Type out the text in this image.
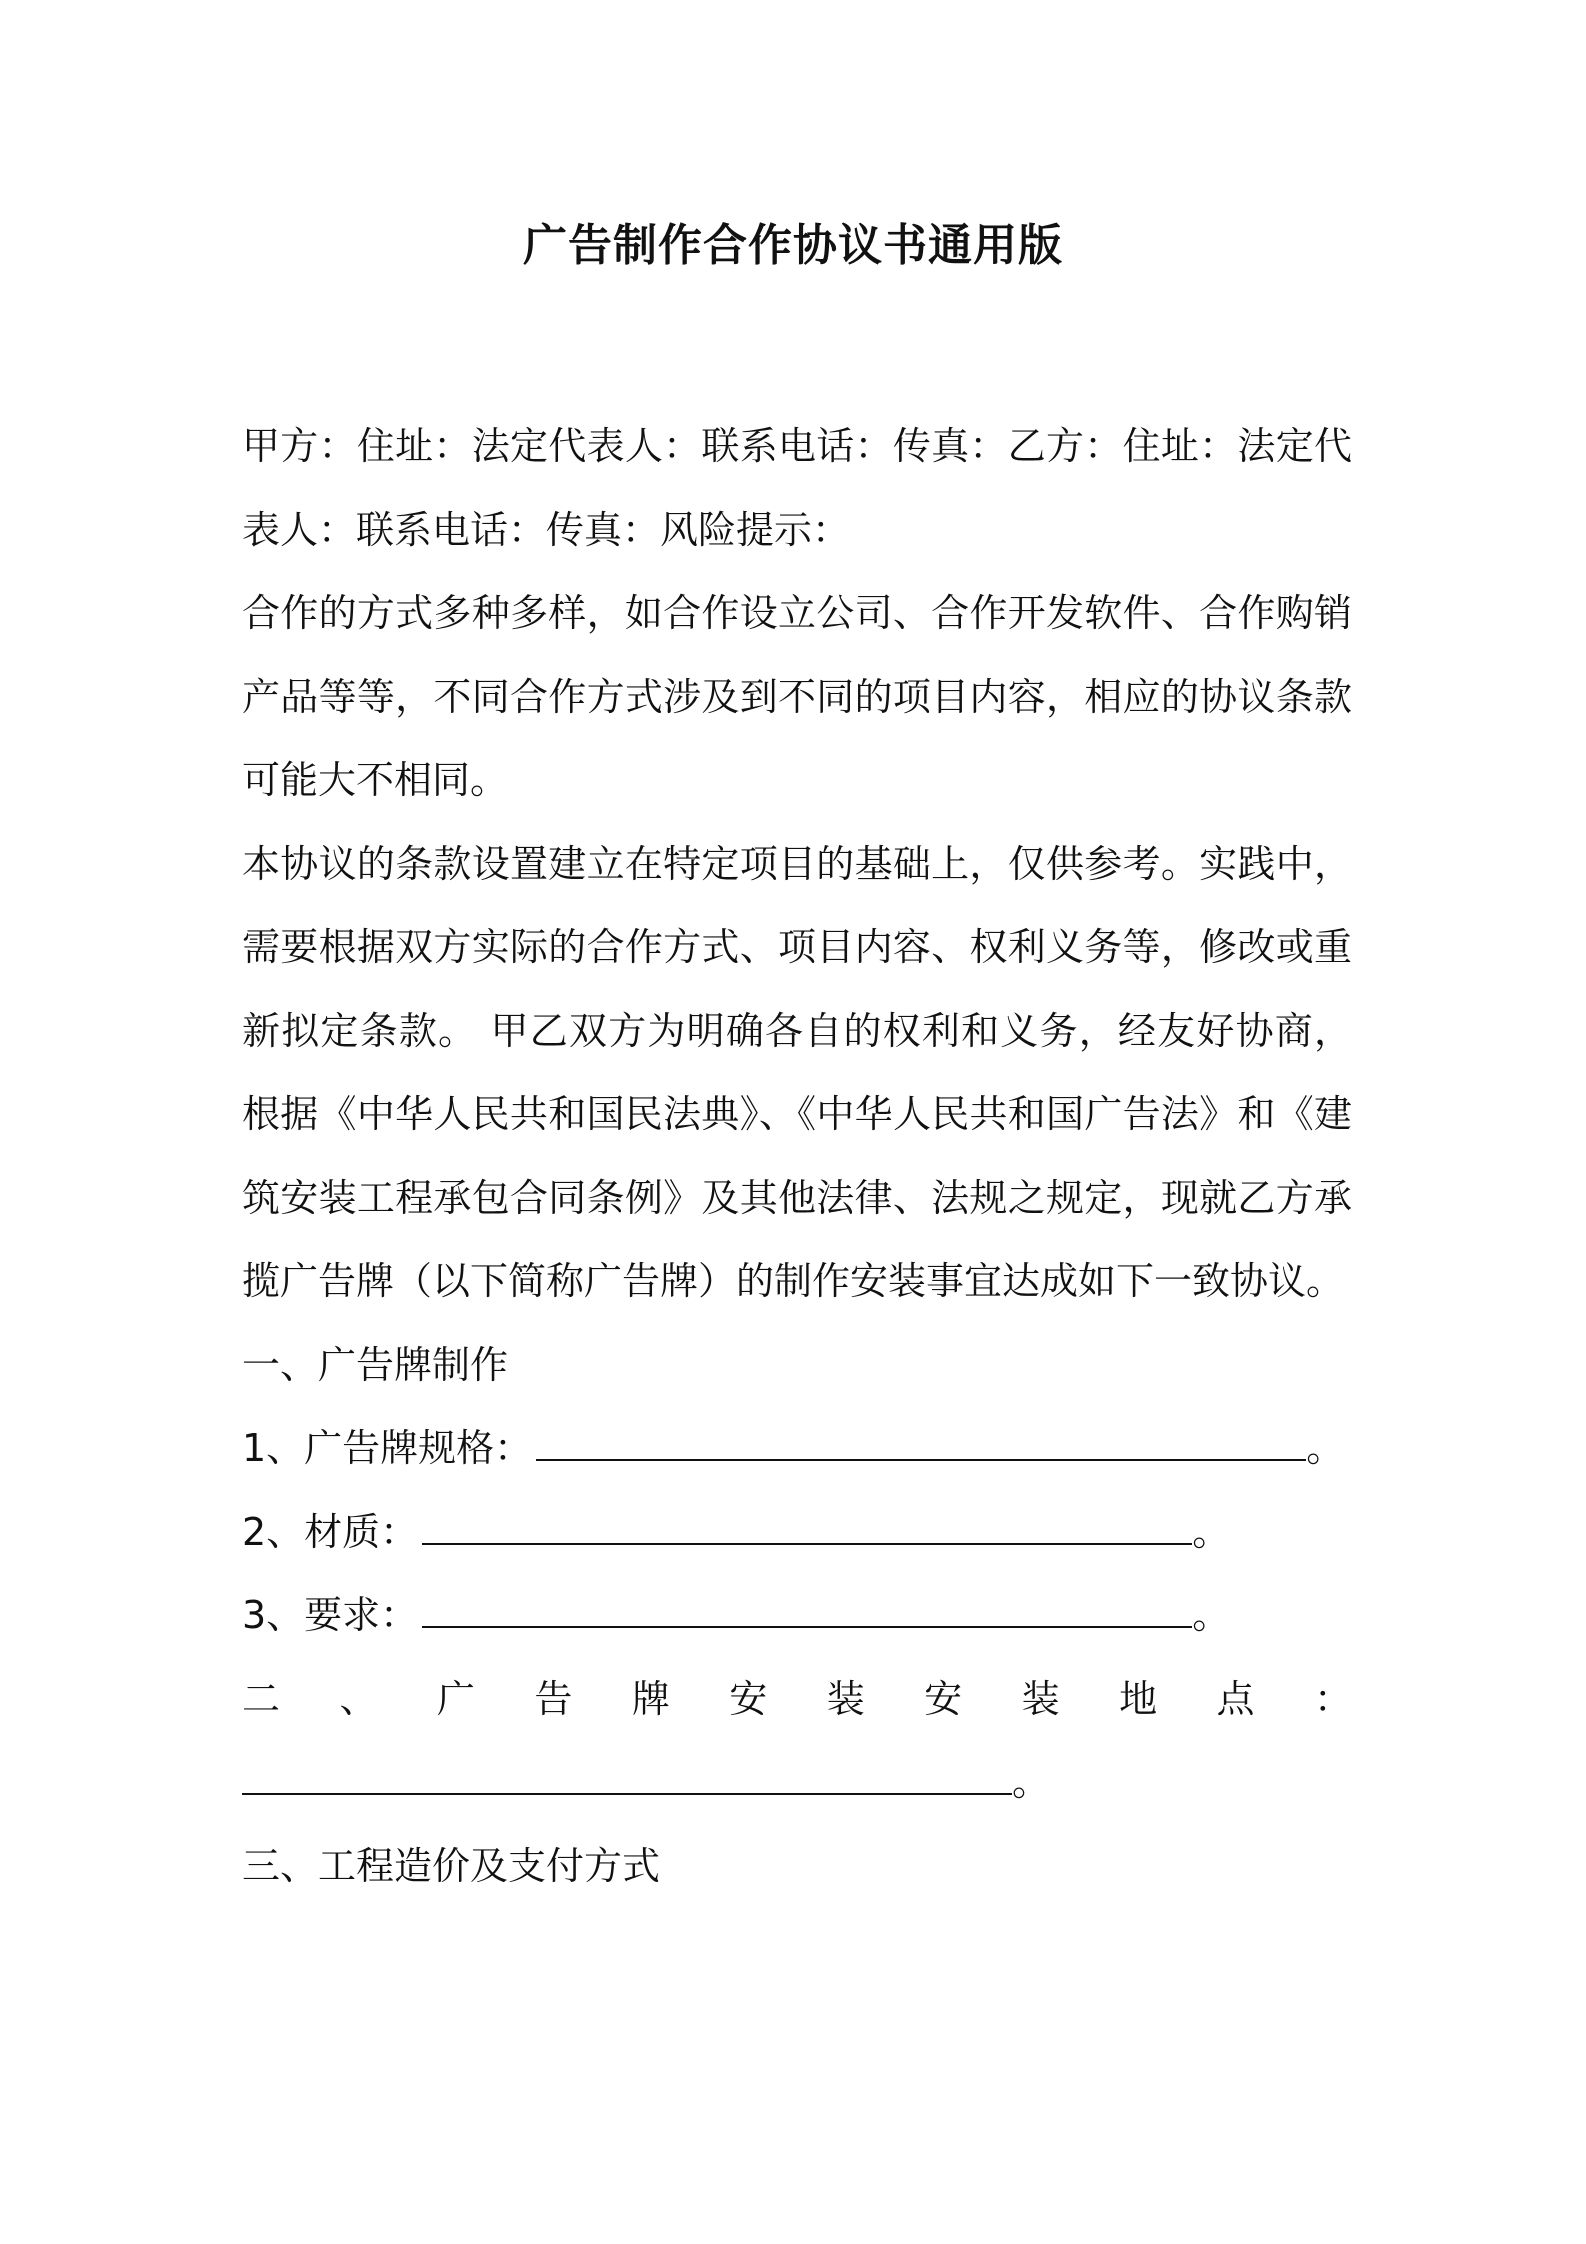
广告制作合作协议书通用版

甲方：住址：法定代表人：联系电话：传真：乙方：住址：法定代表人：联系电话：传真：风险提示：

合作的方式多种多样，如合作设立公司、合作开发软件、合作购销产品等等，不同合作方式涉及到不同的项目内容，相应的协议条款可能大不相同。

本协议的条款设置建立在特定项目的基础上，仅供参考。实践中，需要根据双方实际的合作方式、项目内容、权利义务等，修改或重新拟定条款。 甲乙双方为明确各自的权利和义务，经友好协商，根据《中华人民共和国民法典》、《中华人民共和国广告法》和《建筑安装工程承包合同条例》及其他法律、法规之规定，现就乙方承揽广告牌（以下简称广告牌）的制作安装事宜达成如下一致协议。

一、广告牌制作

1、广告牌规格：	。

2、材质：	。

3、要求：	。

二、广告牌安装安装地点：

。

三、工程造价及支付方式
